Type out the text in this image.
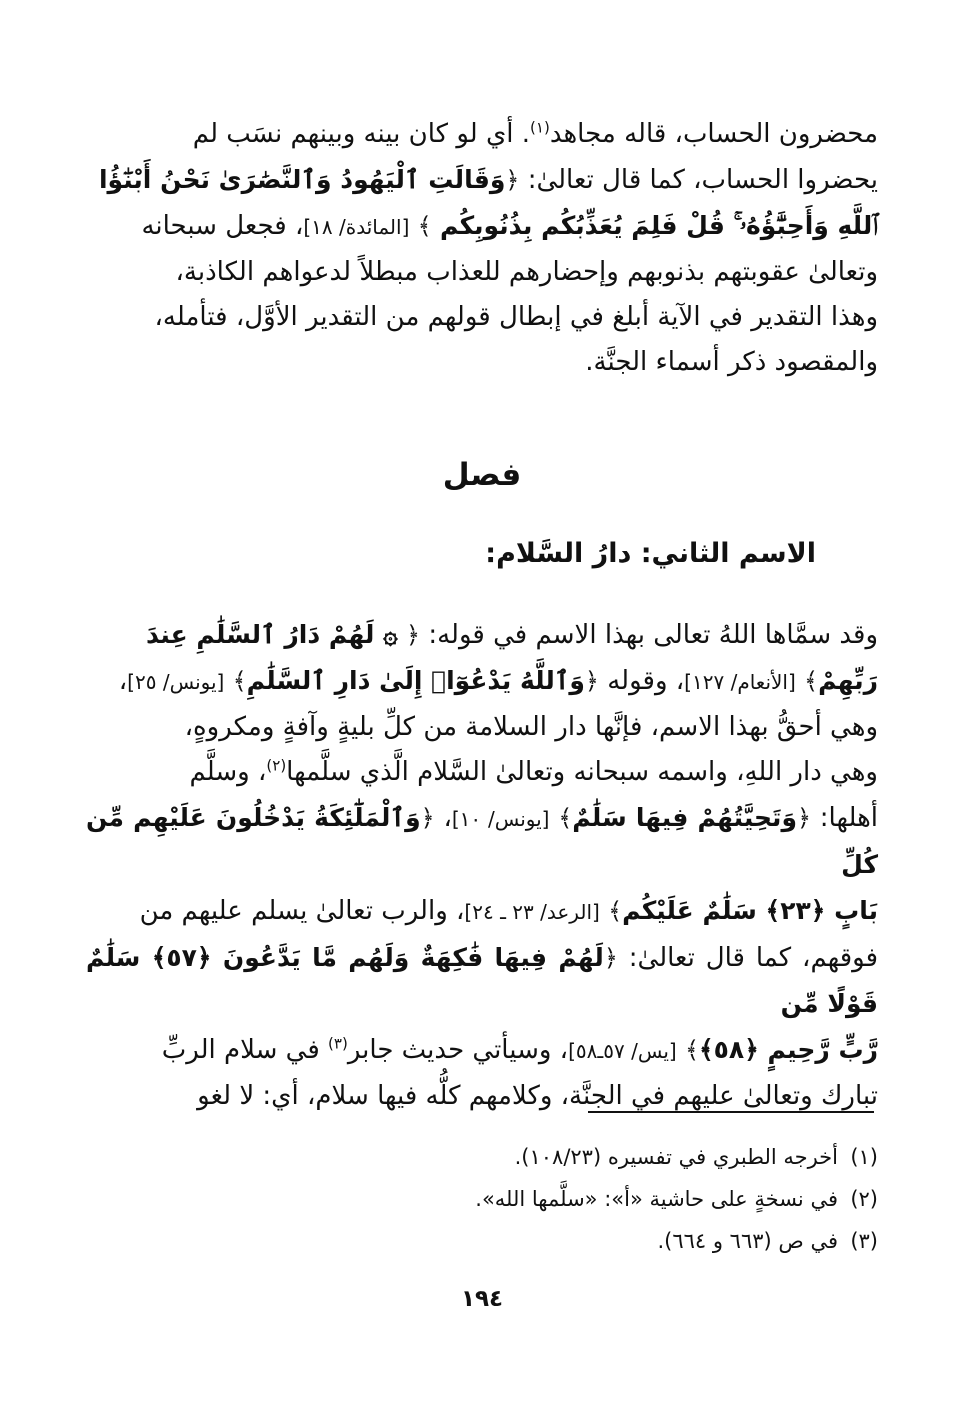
محضرون الحساب، قاله مجاهد$^{(١)}$. أي لو كان بينه وبينهم نسَب لم
يحضروا الحساب، كما قال تعالىٰ: ﴿وَقَالَتِ ٱلْيَهُودُ وَٱلنَّصَٰرَىٰ نَحْنُ أَبْنَٰٓؤُا
ٱللَّهِ وَأَحِبَّٰٓؤُهُۥ ۚ قُلْ فَلِمَ يُعَذِّبُكُم بِذُنُوبِكُم ﴾ [المائدة/ ١٨]، فجعل سبحانه
وتعالىٰ عقوبتهم بذنوبهم وإحضارهم للعذاب مبطلاً لدعواهم الكاذبة،
وهذا التقدير في الآية أبلغ في إبطال قولهم من التقدير الأوَّل، فتأمله،
والمقصود ذكر أسماء الجنَّة.
فصل
الاسم الثاني: دارُ السَّلام:
وقد سمَّاها اللهُ تعالى بهذا الاسم في قوله: ﴿ ۞ لَهُمْ دَارُ ٱلسَّلَٰمِ عِندَ
رَبِّهِمْ﴾ [الأنعام/ ١٢٧]، وقوله ﴿وَٱللَّهُ يَدْعُوٓا۟ إِلَىٰ دَارِ ٱلسَّلَٰمِ﴾ [يونس/ ٢٥]،
وهي أحقُّ بهذا الاسم، فإنَّها دار السلامة من كلِّ بليةٍ وآفةٍ ومكروهٍ،
وهي دار اللهِ، واسمه سبحانه وتعالىٰ السَّلام الَّذي سلَّمها$^{(٢)}$، وسلَّم
أهلها: ﴿وَتَحِيَّتُهُمْ فِيهَا سَلَٰمٌ﴾ [يونس/ ١٠]، ﴿وَٱلْمَلَٰٓئِكَةُ يَدْخُلُونَ عَلَيْهِم مِّن كُلِّ
بَابٍ ﴿٢٣﴾ سَلَٰمٌ عَلَيْكُم﴾ [الرعد/ ٢٣ ـ ٢٤]، والرب تعالىٰ يسلم عليهم من
فوقهم، كما قال تعالىٰ: ﴿لَهُمْ فِيهَا فَٰكِهَةٌ وَلَهُم مَّا يَدَّعُونَ ﴿٥٧﴾ سَلَٰمٌ قَوْلًا مِّن
رَّبٍّ رَّحِيمٍ ﴿٥٨﴾﴾ [يس/ ٥٧ـ٥٨]، وسيأتي حديث جابر$^{(٣)}$ في سلام الربِّ
تبارك وتعالىٰ عليهم في الجنَّة، وكلامهم كلُّه فيها سلام، أي: لا لغو
(١)أخرجه الطبري في تفسيره (١٠٨/٢٣).
(٢)في نسخةٍ على حاشية «أ»: «سلَّمها الله».
(٣)في ص (٦٦٣ و ٦٦٤).
١٩٤
